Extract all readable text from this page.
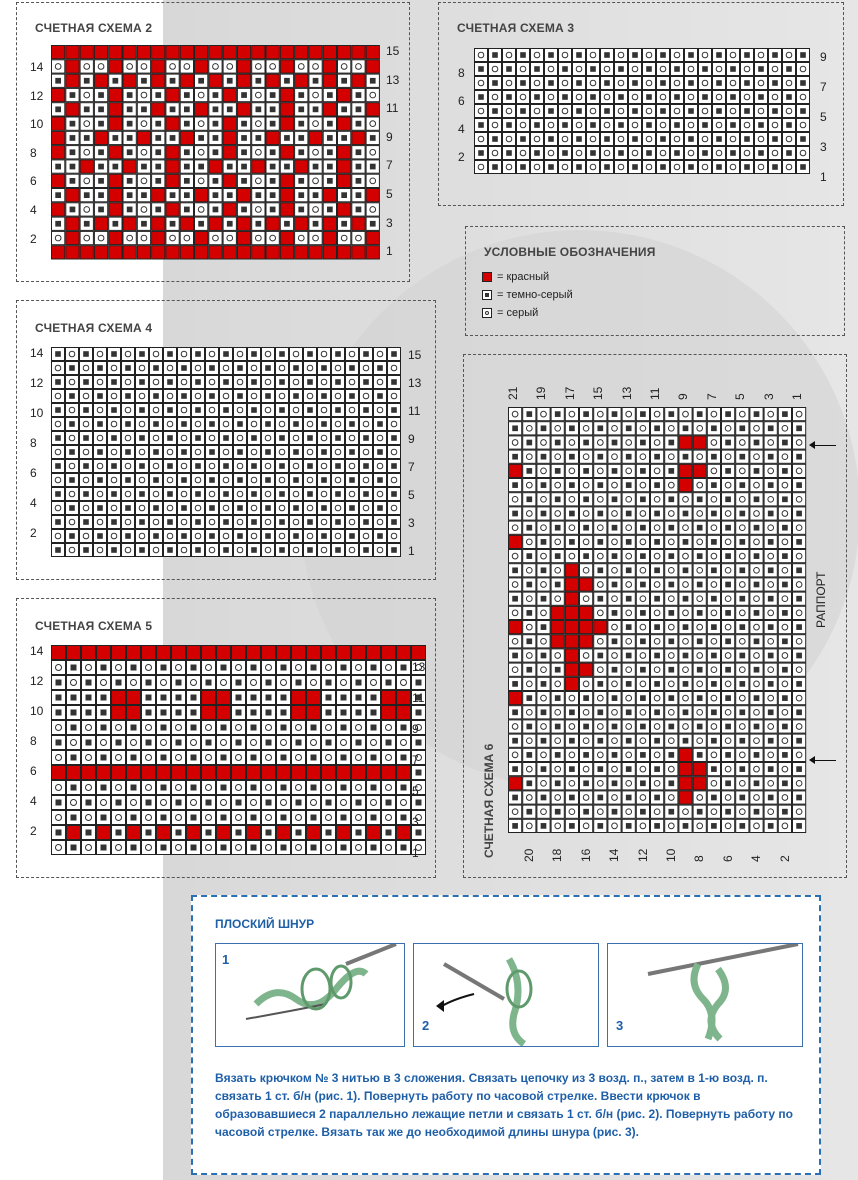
СЧЕТНАЯ СХЕМА 2	СЧЕТНАЯ СХЕМА 3
УСЛОВНЫЕ ОБОЗНАЧЕНИЯ
= красный
= темно-серый
= серый
СЧЕТНАЯ СХЕМА 4
СЧЕТНАЯ СХЕМА 5
СЧЕТНАЯ СХЕМА 6
РАППОРТ
14
12
10
8
6
4
2
15
13
11
9
7
5
3
1
8
6
4
2
9
7
5
3
1
14
12
10
8
6
4
2
15
13
11
9
7
5
3
1
14
12
10
8
6
4
2
13
11
9
7
5
3
1
21 19 17 15 13 11 9 7 5 3 1
20 18 16 14 12 10 8 6 4 2
ПЛОСКИЙ ШНУР
1
2	3
Вязать крючком № 3 нитью в 3 сложения. Связать цепочку из 3 возд. п., затем в 1-ю возд. п. связать 1 ст. б/н (рис. 1). Повернуть работу по часовой стрелке. Ввести крючок в образовавшиеся 2 параллельно лежащие петли и связать 1 ст. б/н (рис. 2). Повернуть работу по часовой стрелке. Вязать так же до необходимой длины шнура (рис. 3).
